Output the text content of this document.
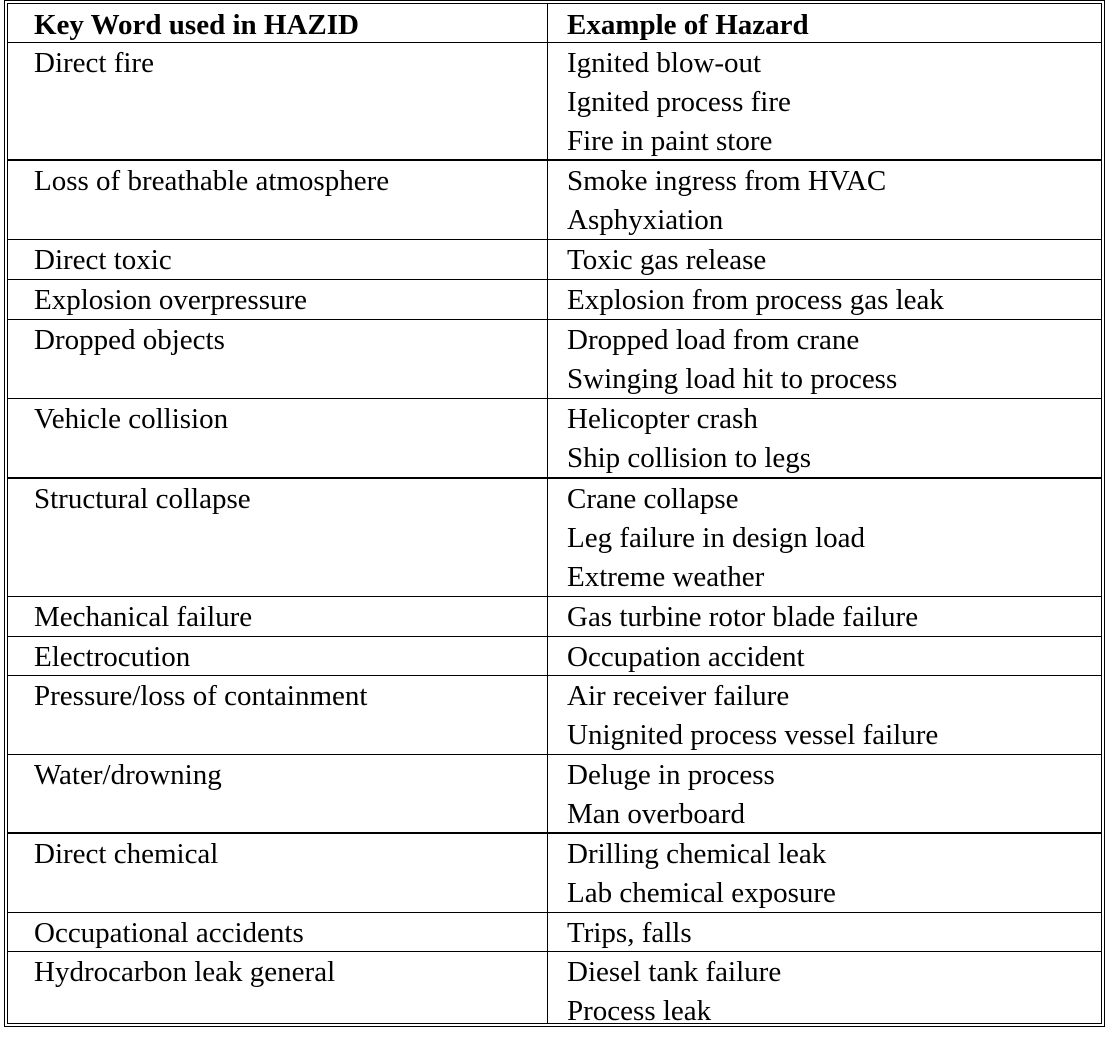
Key Word used in HAZID	Example of Hazard
Direct fire	Ignited blow-out
Ignited process fire
Fire in paint store
Loss of breathable atmosphere	Smoke ingress from HVAC
Asphyxiation
Direct toxic	Toxic gas release
Explosion overpressure	Explosion from process gas leak
Dropped objects	Dropped load from crane
Swinging load hit to process
Vehicle collision	Helicopter crash
Ship collision to legs
Structural collapse	Crane collapse
Leg failure in design load
Extreme weather
Mechanical failure	Gas turbine rotor blade failure
Electrocution	Occupation accident
Pressure/loss of containment	Air receiver failure
Unignited process vessel failure
Water/drowning	Deluge in process
Man overboard
Direct chemical	Drilling chemical leak
Lab chemical exposure
Occupational accidents	Trips, falls
Hydrocarbon leak general	Diesel tank failure
Process leak
